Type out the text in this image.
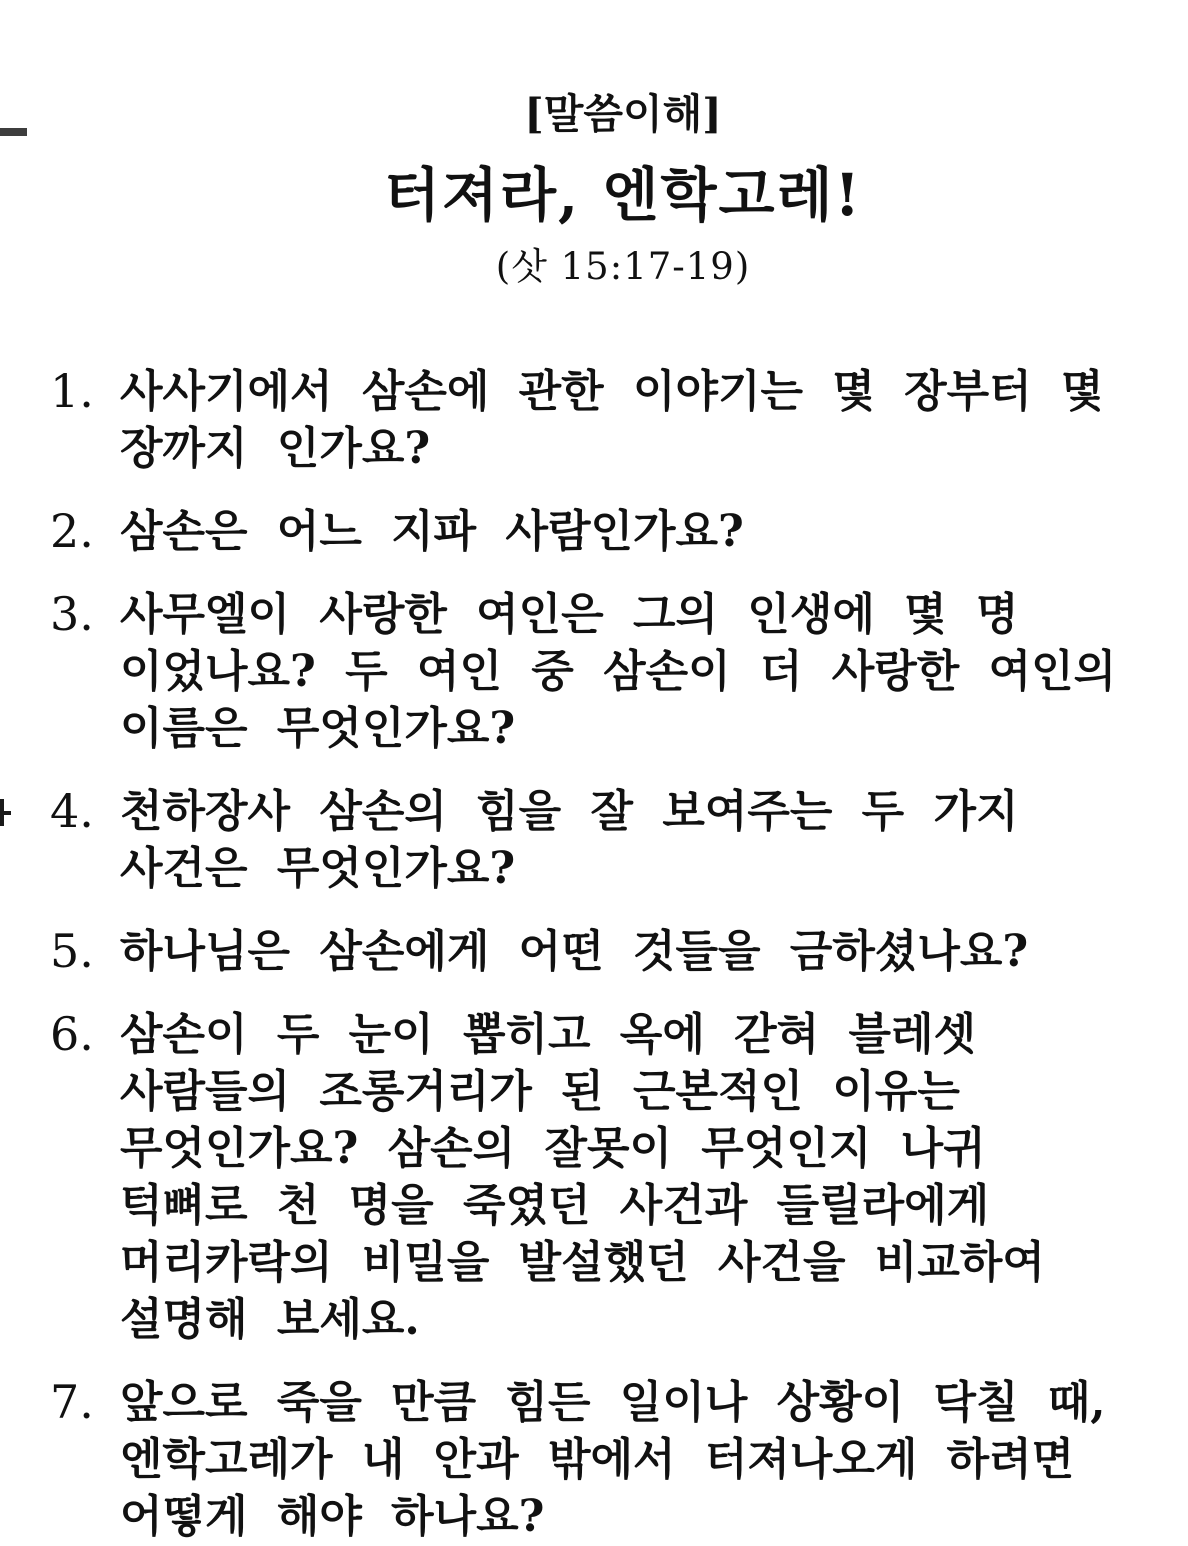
[말씀이해]
터져라, 엔학고레!
(삿 15:17-19)
1. 사사기에서 삼손에 관한 이야기는 몇 장부터 몇
장까지 인가요?
2. 삼손은 어느 지파 사람인가요?
3. 사무엘이 사랑한 여인은 그의 인생에 몇 명
이었나요? 두 여인 중 삼손이 더 사랑한 여인의
이름은 무엇인가요?
4. 천하장사 삼손의 힘을 잘 보여주는 두 가지
사건은 무엇인가요?
5. 하나님은 삼손에게 어떤 것들을 금하셨나요?
6. 삼손이 두 눈이 뽑히고 옥에 갇혀 블레셋
사람들의 조롱거리가 된 근본적인 이유는
무엇인가요? 삼손의 잘못이 무엇인지 나귀
턱뼈로 천 명을 죽였던 사건과 들릴라에게
머리카락의 비밀을 발설했던 사건을 비교하여
설명해 보세요.
7. 앞으로 죽을 만큼 힘든 일이나 상황이 닥칠 때,
엔학고레가 내 안과 밖에서 터져나오게 하려면
어떻게 해야 하나요?
